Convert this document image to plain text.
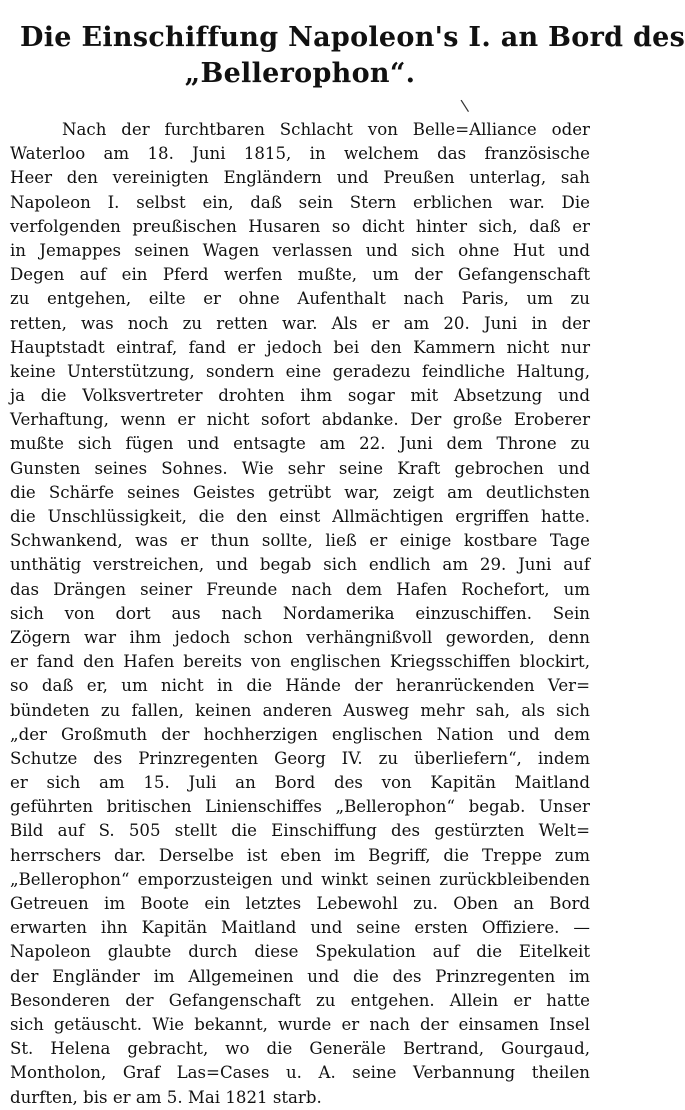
Die Einschiffung Napoleon's I. an Bord des
„Bellerophon“.
\
Nach der furchtbaren Schlacht von Belle=Alliance oder
Waterloo am 18. Juni 1815, in welchem das französische
Heer den vereinigten Engländern und Preußen unterlag, sah
Napoleon I. selbst ein, daß sein Stern erblichen war. Die
verfolgenden preußischen Husaren so dicht hinter sich, daß er
in Jemappes seinen Wagen verlassen und sich ohne Hut und
Degen auf ein Pferd werfen mußte, um der Gefangenschaft
zu entgehen, eilte er ohne Aufenthalt nach Paris, um zu
retten, was noch zu retten war. Als er am 20. Juni in der
Hauptstadt eintraf, fand er jedoch bei den Kammern nicht nur
keine Unterstützung, sondern eine geradezu feindliche Haltung,
ja die Volksvertreter drohten ihm sogar mit Absetzung und
Verhaftung, wenn er nicht sofort abdanke. Der große Eroberer
mußte sich fügen und entsagte am 22. Juni dem Throne zu
Gunsten seines Sohnes. Wie sehr seine Kraft gebrochen und
die Schärfe seines Geistes getrübt war, zeigt am deutlichsten
die Unschlüssigkeit, die den einst Allmächtigen ergriffen hatte.
Schwankend, was er thun sollte, ließ er einige kostbare Tage
unthätig verstreichen, und begab sich endlich am 29. Juni auf
das Drängen seiner Freunde nach dem Hafen Rochefort, um
sich von dort aus nach Nordamerika einzuschiffen. Sein
Zögern war ihm jedoch schon verhängnißvoll geworden, denn
er fand den Hafen bereits von englischen Kriegsschiffen blockirt,
so daß er, um nicht in die Hände der heranrückenden Ver=
bündeten zu fallen, keinen anderen Ausweg mehr sah, als sich
„der Großmuth der hochherzigen englischen Nation und dem
Schutze des Prinzregenten Georg IV. zu überliefern“, indem
er sich am 15. Juli an Bord des von Kapitän Maitland
geführten britischen Linienschiffes „Bellerophon“ begab. Unser
Bild auf S. 505 stellt die Einschiffung des gestürzten Welt=
herrschers dar. Derselbe ist eben im Begriff, die Treppe zum
„Bellerophon“ emporzusteigen und winkt seinen zurückbleibenden
Getreuen im Boote ein letztes Lebewohl zu. Oben an Bord
erwarten ihn Kapitän Maitland und seine ersten Offiziere. —
Napoleon glaubte durch diese Spekulation auf die Eitelkeit
der Engländer im Allgemeinen und die des Prinzregenten im
Besonderen der Gefangenschaft zu entgehen. Allein er hatte
sich getäuscht. Wie bekannt, wurde er nach der einsamen Insel
St. Helena gebracht, wo die Generäle Bertrand, Gourgaud,
Montholon, Graf Las=Cases u. A. seine Verbannung theilen
durften, bis er am 5. Mai 1821 starb.
